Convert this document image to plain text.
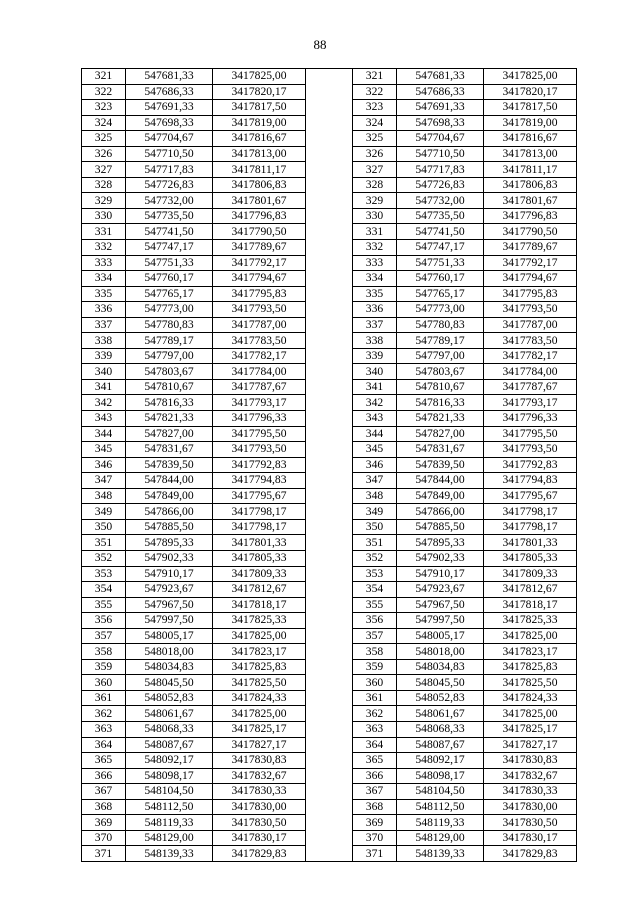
88
321	547681,33	3417825,00		321	547681,33	3417825,00
322	547686,33	3417820,17		322	547686,33	3417820,17
323	547691,33	3417817,50		323	547691,33	3417817,50
324	547698,33	3417819,00		324	547698,33	3417819,00
325	547704,67	3417816,67		325	547704,67	3417816,67
326	547710,50	3417813,00		326	547710,50	3417813,00
327	547717,83	3417811,17		327	547717,83	3417811,17
328	547726,83	3417806,83		328	547726,83	3417806,83
329	547732,00	3417801,67		329	547732,00	3417801,67
330	547735,50	3417796,83		330	547735,50	3417796,83
331	547741,50	3417790,50		331	547741,50	3417790,50
332	547747,17	3417789,67		332	547747,17	3417789,67
333	547751,33	3417792,17		333	547751,33	3417792,17
334	547760,17	3417794,67		334	547760,17	3417794,67
335	547765,17	3417795,83		335	547765,17	3417795,83
336	547773,00	3417793,50		336	547773,00	3417793,50
337	547780,83	3417787,00		337	547780,83	3417787,00
338	547789,17	3417783,50		338	547789,17	3417783,50
339	547797,00	3417782,17		339	547797,00	3417782,17
340	547803,67	3417784,00		340	547803,67	3417784,00
341	547810,67	3417787,67		341	547810,67	3417787,67
342	547816,33	3417793,17		342	547816,33	3417793,17
343	547821,33	3417796,33		343	547821,33	3417796,33
344	547827,00	3417795,50		344	547827,00	3417795,50
345	547831,67	3417793,50		345	547831,67	3417793,50
346	547839,50	3417792,83		346	547839,50	3417792,83
347	547844,00	3417794,83		347	547844,00	3417794,83
348	547849,00	3417795,67		348	547849,00	3417795,67
349	547866,00	3417798,17		349	547866,00	3417798,17
350	547885,50	3417798,17		350	547885,50	3417798,17
351	547895,33	3417801,33		351	547895,33	3417801,33
352	547902,33	3417805,33		352	547902,33	3417805,33
353	547910,17	3417809,33		353	547910,17	3417809,33
354	547923,67	3417812,67		354	547923,67	3417812,67
355	547967,50	3417818,17		355	547967,50	3417818,17
356	547997,50	3417825,33		356	547997,50	3417825,33
357	548005,17	3417825,00		357	548005,17	3417825,00
358	548018,00	3417823,17		358	548018,00	3417823,17
359	548034,83	3417825,83		359	548034,83	3417825,83
360	548045,50	3417825,50		360	548045,50	3417825,50
361	548052,83	3417824,33		361	548052,83	3417824,33
362	548061,67	3417825,00		362	548061,67	3417825,00
363	548068,33	3417825,17		363	548068,33	3417825,17
364	548087,67	3417827,17		364	548087,67	3417827,17
365	548092,17	3417830,83		365	548092,17	3417830,83
366	548098,17	3417832,67		366	548098,17	3417832,67
367	548104,50	3417830,33		367	548104,50	3417830,33
368	548112,50	3417830,00		368	548112,50	3417830,00
369	548119,33	3417830,50		369	548119,33	3417830,50
370	548129,00	3417830,17		370	548129,00	3417830,17
371	548139,33	3417829,83		371	548139,33	3417829,83
